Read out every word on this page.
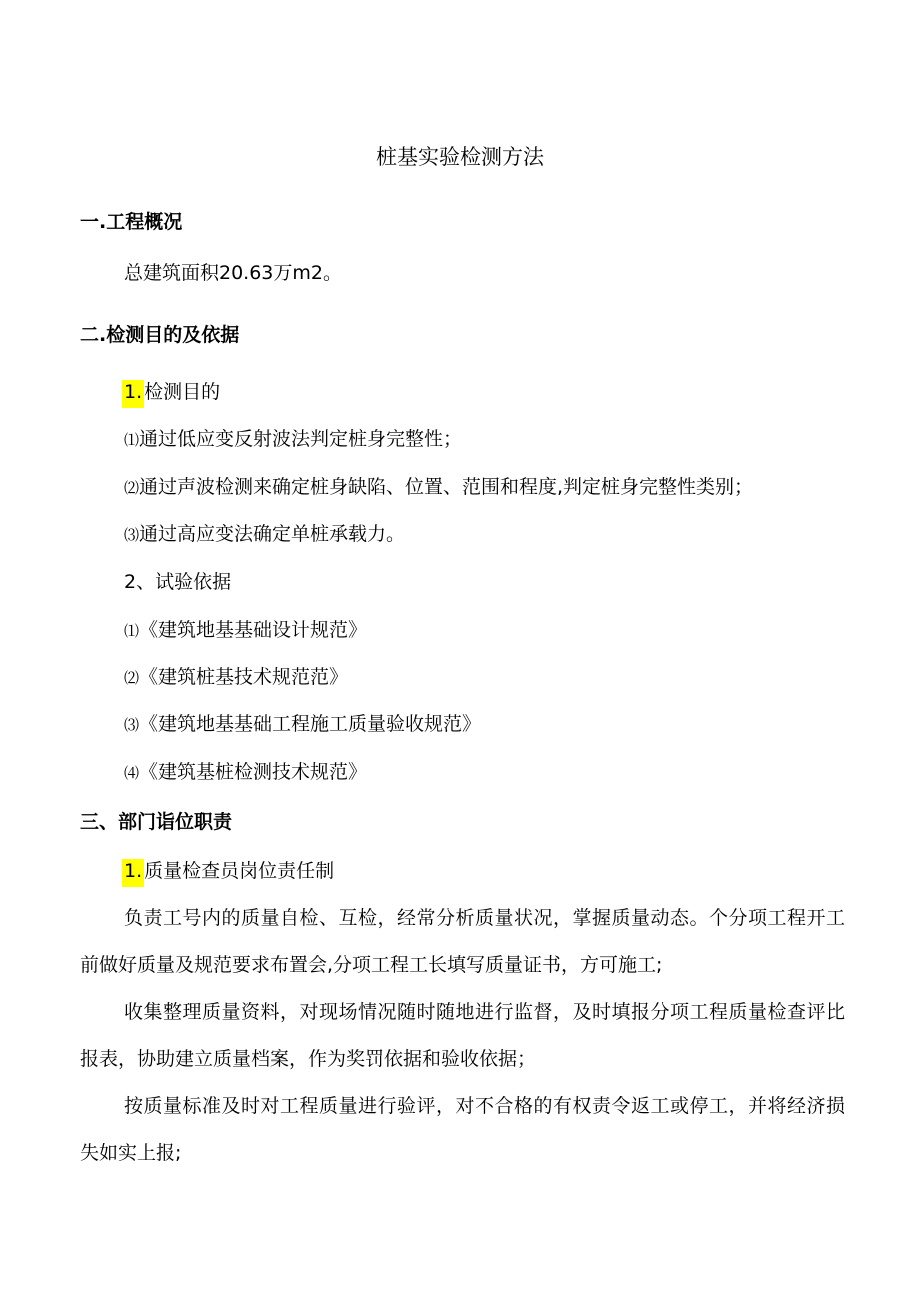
桩基实验检测方法
一.工程概况
总建筑面积20.63万m2。
二.检测目的及依据
1. 检测目的
⑴通过低应变反射波法判定桩身完整性；
⑵通过声波检测来确定桩身缺陷、位置、范围和程度,判定桩身完整性类别；
⑶通过高应变法确定单桩承载力。
2、试验依据
⑴《建筑地基基础设计规范》
⑵《建筑桩基技术规范范》
⑶《建筑地基基础工程施工质量验收规范》
⑷《建筑基桩检测技术规范》
三、部门诣位职责
1. 质量检查员岗位责任制
负责工号内的质量自检、互检，经常分析质量状况，掌握质量动态。个分项工程开工前做好质量及规范要求布置会,分项工程工长填写质量证书，方可施工;
收集整理质量资料，对现场情况随时随地进行监督，及时填报分项工程质量检查评比报表，协助建立质量档案，作为奖罚依据和验收依据；
按质量标准及时对工程质量进行验评，对不合格的有权责令返工或停工，并将经济损失如实上报;
